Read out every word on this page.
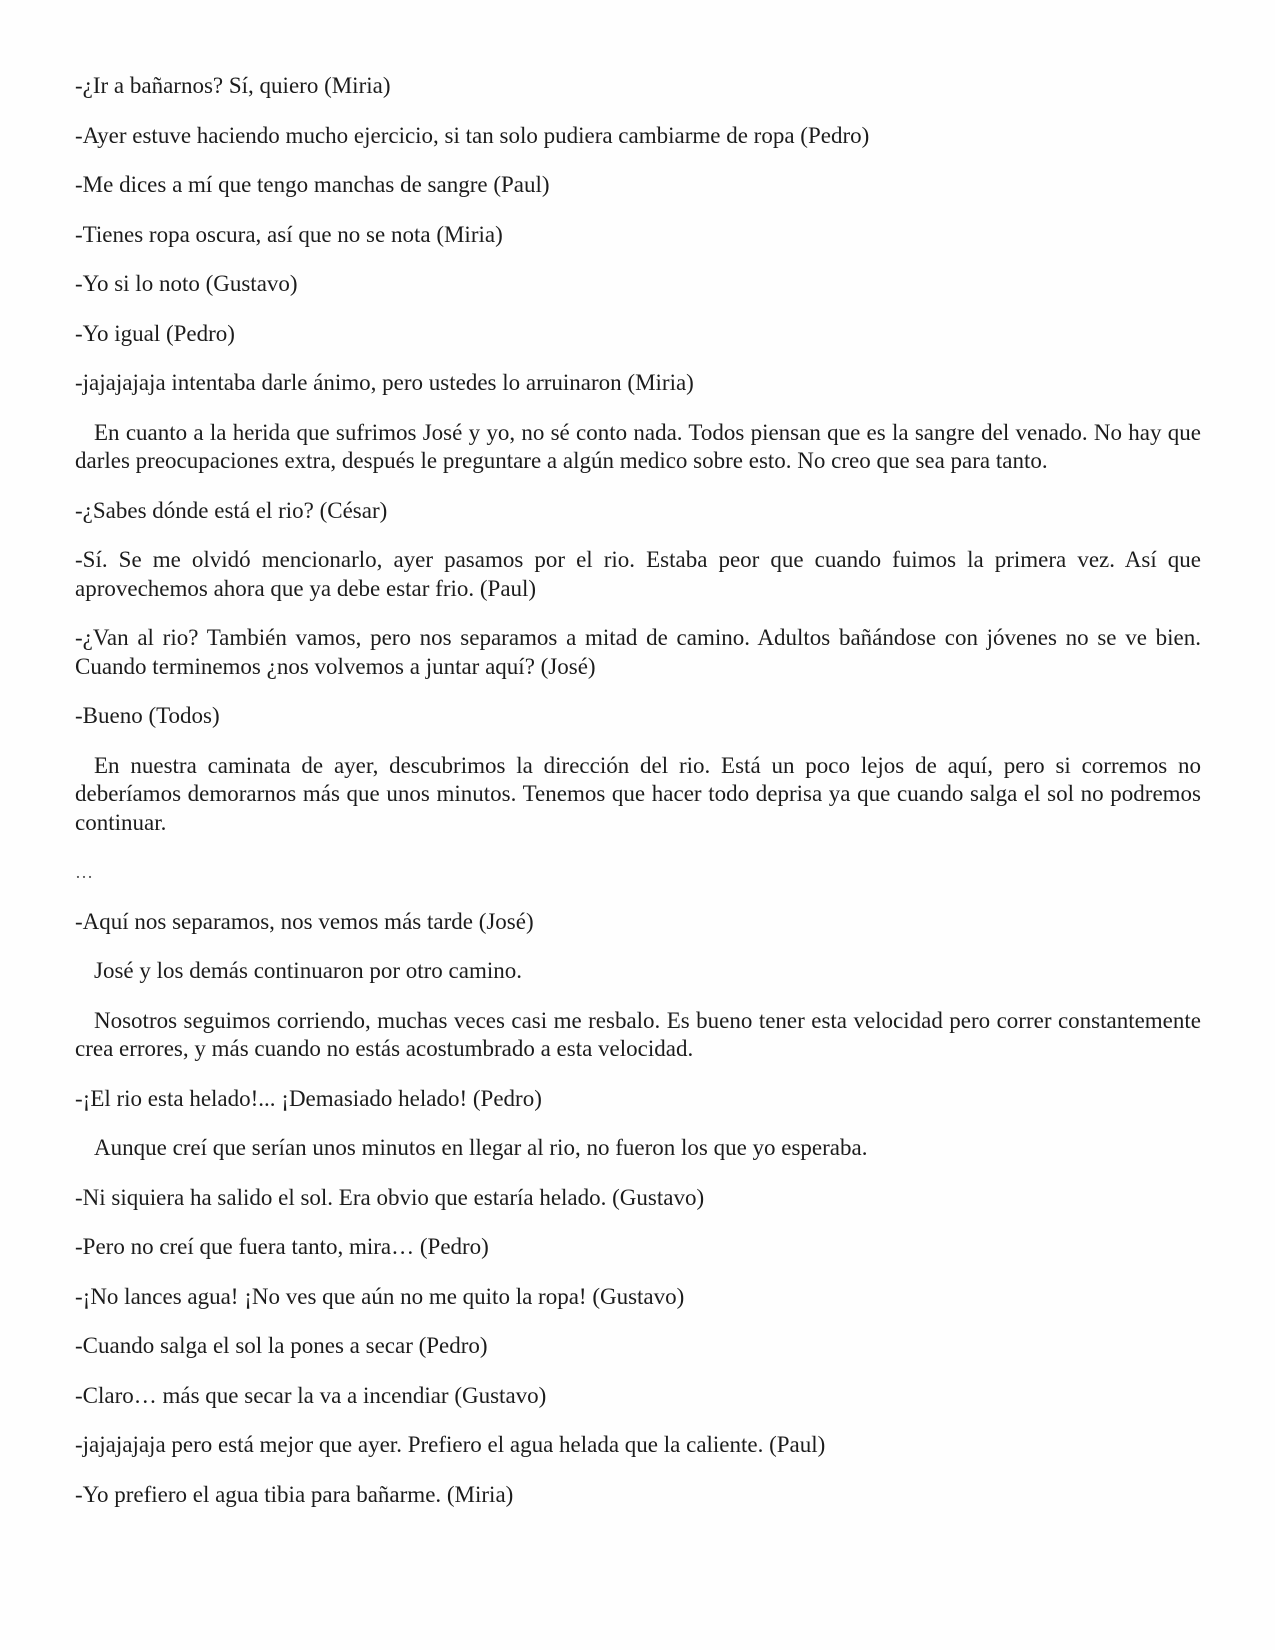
-¿Ir a bañarnos? Sí, quiero (Miria)

-Ayer estuve haciendo mucho ejercicio, si tan solo pudiera cambiarme de ropa (Pedro)

-Me dices a mí que tengo manchas de sangre (Paul)

-Tienes ropa oscura, así que no se nota (Miria)

-Yo si lo noto (Gustavo)

-Yo igual (Pedro)

-jajajajaja intentaba darle ánimo, pero ustedes lo arruinaron (Miria)

En cuanto a la herida que sufrimos José y yo, no sé conto nada. Todos piensan que es la sangre del venado. No hay que darles preocupaciones extra, después le preguntare a algún medico sobre esto. No creo que sea para tanto.

-¿Sabes dónde está el rio? (César)

-Sí. Se me olvidó mencionarlo, ayer pasamos por el rio. Estaba peor que cuando fuimos la primera vez. Así que aprovechemos ahora que ya debe estar frio. (Paul)

-¿Van al rio? También vamos, pero nos separamos a mitad de camino. Adultos bañándose con jóvenes no se ve bien. Cuando terminemos ¿nos volvemos a juntar aquí? (José)

-Bueno (Todos)

En nuestra caminata de ayer, descubrimos la dirección del rio. Está un poco lejos de aquí, pero si corremos no deberíamos demorarnos más que unos minutos. Tenemos que hacer todo deprisa ya que cuando salga el sol no podremos continuar.

…

-Aquí nos separamos, nos vemos más tarde (José)

José y los demás continuaron por otro camino.

Nosotros seguimos corriendo, muchas veces casi me resbalo. Es bueno tener esta velocidad pero correr constantemente crea errores, y más cuando no estás acostumbrado a esta velocidad.

-¡El rio esta helado!... ¡Demasiado helado! (Pedro)

Aunque creí que serían unos minutos en llegar al rio, no fueron los que yo esperaba.

-Ni siquiera ha salido el sol. Era obvio que estaría helado. (Gustavo)

-Pero no creí que fuera tanto, mira… (Pedro)

-¡No lances agua! ¡No ves que aún no me quito la ropa! (Gustavo)

-Cuando salga el sol la pones a secar (Pedro)

-Claro… más que secar la va a incendiar (Gustavo)

-jajajajaja pero está mejor que ayer. Prefiero el agua helada que la caliente. (Paul)

-Yo prefiero el agua tibia para bañarme. (Miria)
